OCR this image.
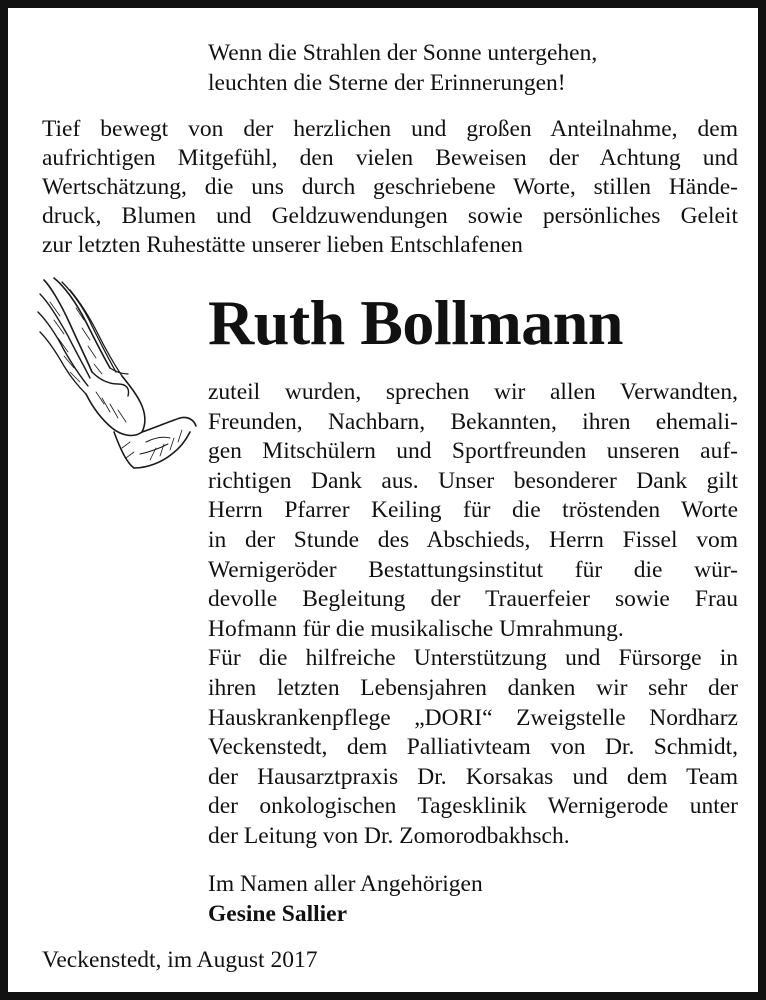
Wenn die Strahlen der Sonne untergehen,
leuchten die Sterne der Erinnerungen!
Tief bewegt von der herzlichen und großen Anteilnahme, dem
aufrichtigen Mitgefühl, den vielen Beweisen der Achtung und
Wertschätzung, die uns durch geschriebene Worte, stillen Hände-
druck, Blumen und Geldzuwendungen sowie persönliches Geleit
zur letzten Ruhestätte unserer lieben Entschlafenen
Ruth Bollmann
zuteil wurden, sprechen wir allen Verwandten,
Freunden, Nachbarn, Bekannten, ihren ehemali-
gen Mitschülern und Sportfreunden unseren auf-
richtigen Dank aus. Unser besonderer Dank gilt
Herrn Pfarrer Keiling für die tröstenden Worte
in der Stunde des Abschieds, Herrn Fissel vom
Wernigeröder Bestattungsinstitut für die wür-
devolle Begleitung der Trauerfeier sowie Frau
Hofmann für die musikalische Umrahmung.
Für die hilfreiche Unterstützung und Fürsorge in
ihren letzten Lebensjahren danken wir sehr der
Hauskrankenpflege „DORI“ Zweigstelle Nordharz
Veckenstedt, dem Palliativteam von Dr. Schmidt,
der Hausarztpraxis Dr. Korsakas und dem Team
der onkologischen Tagesklinik Wernigerode unter
der Leitung von Dr. Zomorodbakhsch.
Im Namen aller Angehörigen
Gesine Sallier
Veckenstedt, im August 2017
